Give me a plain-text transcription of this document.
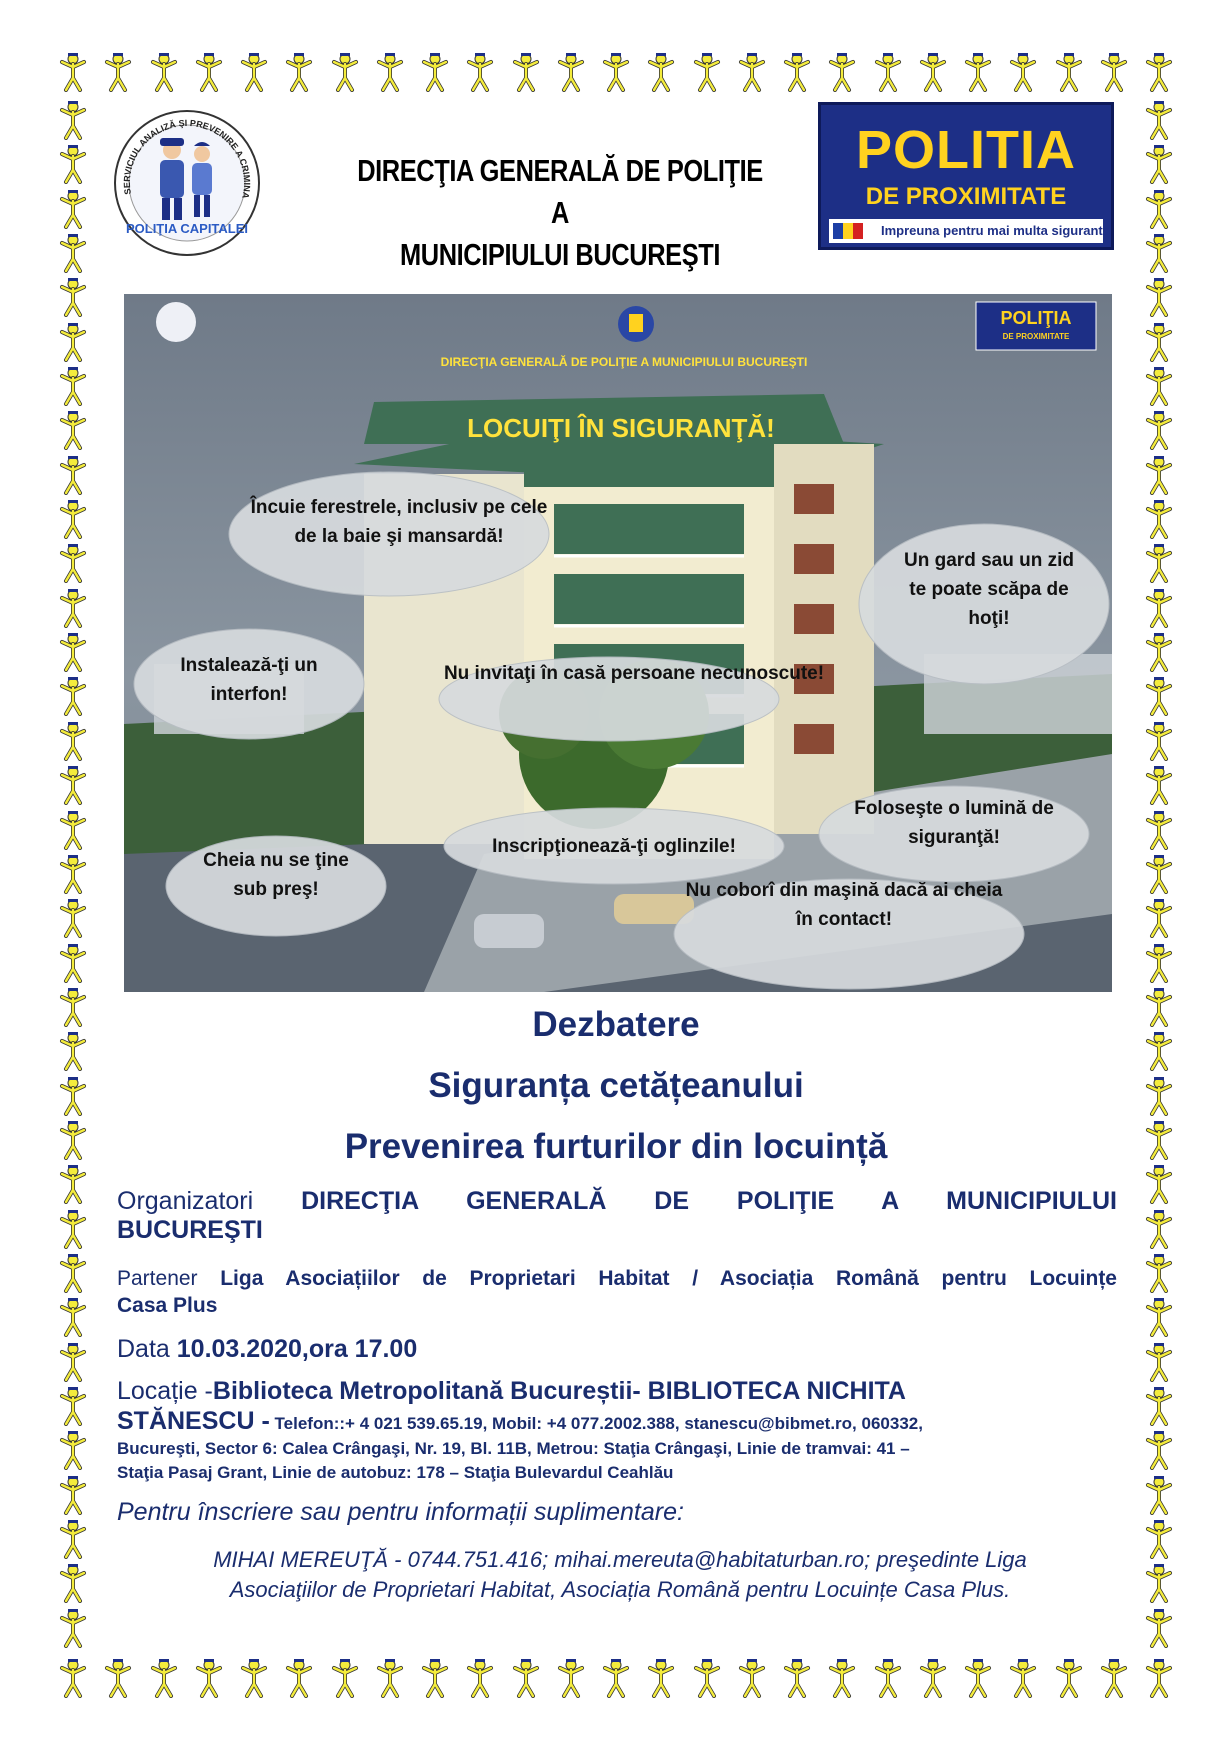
SERVICIUL ANALIZĂ ŞI PREVENIRE A CRIMINA
POLIŢIA CAPITALEI
DIRECŢIA GENERALĂ DE POLIŢIE A
MUNICIPIULUI BUCUREŞTI
POLITIA
DE PROXIMITATE
Impreuna pentru mai multa siguranta
POLIŢIA
DE PROXIMITATE
DIRECŢIA GENERALĂ DE POLIŢIE A MUNICIPIULUI BUCUREŞTI
LOCUIŢI ÎN SIGURANŢĂ!
Încuie ferestrele, inclusiv pe cele de la baie şi mansardă!
Un gard sau un zid te poate scăpa de hoţi!
Instalează-ţi un interfon!
Nu invitaţi în casă persoane necunoscute!
Foloseşte o lumină de siguranţă!
Inscripţionează-ţi oglinzile!
Cheia nu se ţine sub preş!	Nu coborî din maşină dacă ai cheia în contact!
Dezbatere
Siguranța cetățeanului
Prevenirea furturilor din locuință
Organizatori DIRECŢIA GENERALĂ DE POLIŢIE A MUNICIPIULUI
BUCUREŞTI
Partener Liga Asociațiilor de Proprietari Habitat / Asociația Română pentru Locuințe
Casa Plus
Data 10.03.2020,ora 17.00
Locație -Biblioteca Metropolitană Bucureștii- BIBLIOTECA NICHITA
STĂNESCU - Telefon::+ 4 021 539.65.19, Mobil: +4 077.2002.388, stanescu@bibmet.ro, 060332,
Bucureşti, Sector 6: Calea Crângaşi, Nr. 19, Bl. 11B, Metrou: Staţia Crângaşi, Linie de tramvai: 41 –
Staţia Pasaj Grant, Linie de autobuz: 178 – Staţia Bulevardul Ceahlău
Pentru înscriere sau pentru informații suplimentare:
MIHAI MEREUŢĂ - 0744.751.416; mihai.mereuta@habitaturban.ro; preşedinte Liga
Asociaţiilor de Proprietari Habitat, Asociația Română pentru Locuințe Casa Plus.
